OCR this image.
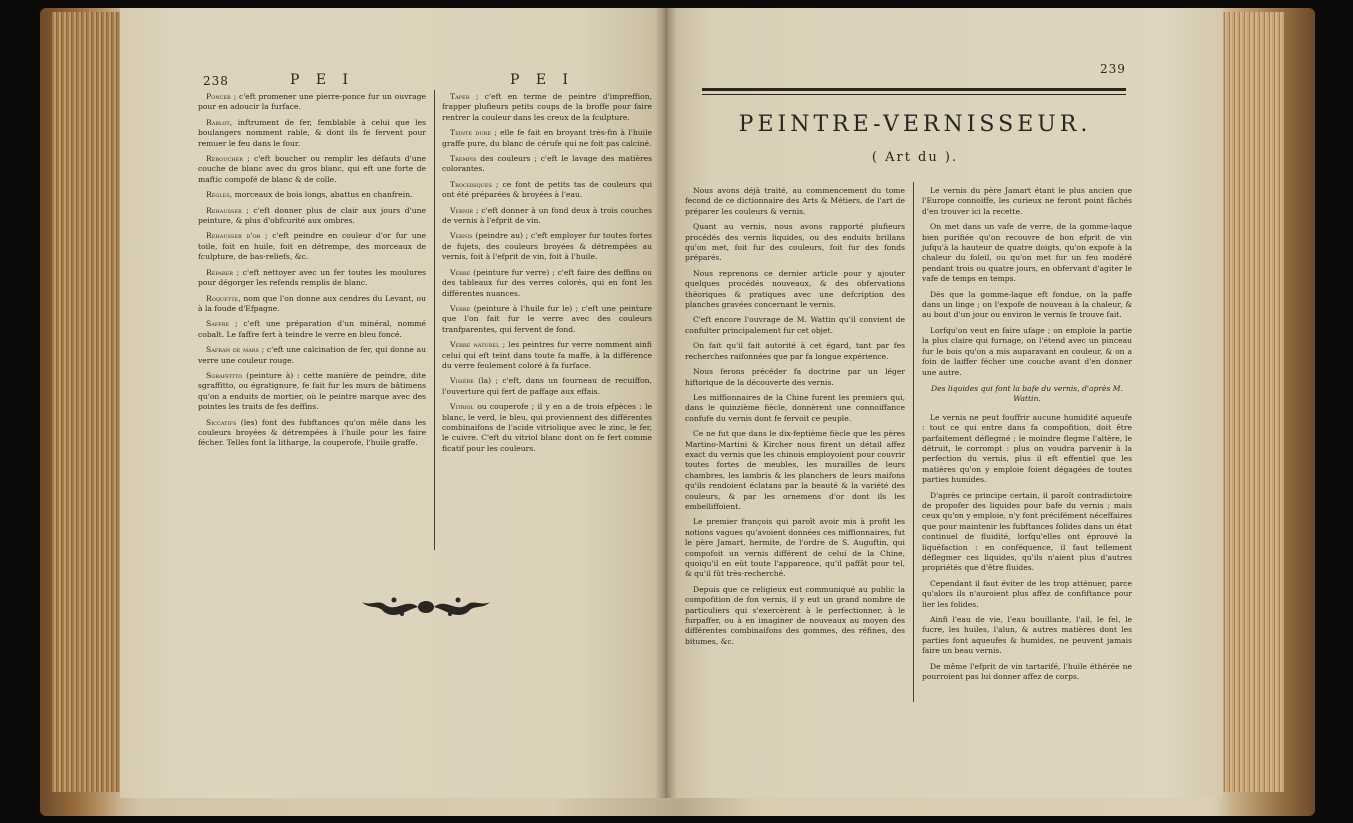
238	P E I	P E I

Poncer ; c'eft promener une pierre-ponce fur un ouvrage pour en adoucir la furface.

Rablot, inftrument de fer, femblable à celui que les boulangers nomment rable, & dont ils fe fervent pour remuer le feu dans le four.

Reboucher ; c'eft boucher ou remplir les défauts d'une couche de blanc avec du gros blanc, qui eft une forte de maftic compofé de blanc & de colle.

Règles, morceaux de bois longs, abattus en chanfrein.

Rehausser ; c'eft donner plus de clair aux jours d'une peinture, & plus d'obfcurité aux ombres.

Rehausser d'or ; c'eft peindre en couleur d'or fur une toile, foit en huile, foit en détrempe, des morceaux de fculpture, de bas-reliefs, &c.

Réparer ; c'eft nettoyer avec un fer toutes les moulures pour dégorger les refends remplis de blanc.

Roquette, nom que l'on donne aux cendres du Levant, ou à la foude d'Efpagne.

Saffre ; c'eft une préparation d'un minéral, nommé cobalt. Le faffre fert à teindre le verre en bleu foncé.

Safran de mars ; c'eft une calcination de fer, qui donne au verre une couleur rouge.

Sgraffitto (peinture à) : cette manière de peindre, dite sgraffitto, ou égratignure, fe fait fur les murs de bâtimens qu'on a enduits de mortier, où le peintre marque avec des pointes les traits de fes deffins.

Siccatifs (les) font des fubftances qu'on mêle dans les couleurs broyées & détrempées à l'huile pour les faire fécher. Telles font la litharge, la couperofe, l'huile graffe.

Taper ; c'eft en terme de peintre d'impreffion, frapper plufieurs petits coups de la broffe pour faire rentrer la couleur dans les creux de la fculpture.

Teinte dure ; elle fe fait en broyant très-fin à l'huile graffe pure, du blanc de cérufe qui ne foit pas calciné.

Trempis des couleurs ; c'eft le lavage des matières colorantes.

Trochisques ; ce font de petits tas de couleurs qui ont été préparées & broyées à l'eau.

Vernir ; c'eft donner à un fond deux à trois couches de vernis à l'efprit de vin.

Vernis (peindre au) ; c'eft employer fur toutes fortes de fujets, des couleurs broyées & détrempées au vernis, foit à l'efprit de vin, foit à l'huile.

Verre (peinture fur verre) ; c'eft faire des deffins ou des tableaux fur des verres colorés, qui en font les différentes nuances.

Verre (peinture à l'huile fur le) ; c'eft une peinture que l'on fait fur le verre avec des couleurs tranfparentes, qui fervent de fond.

Verre naturel ; les peintres fur verre nomment ainfi celui qui eft teint dans toute fa maffe, à la différence du verre feulement coloré à fa furface.

Visière (la) ; c'eft, dans un fourneau de recuiffon, l'ouverture qui fert de paffage aux effais.

Vitriol ou couperofe ; il y en a de trois efpèces : le blanc, le verd, le bleu, qui proviennent des différentes combinaifons de l'acide vitriolique avec le zinc, le fer, le cuivre. C'eft du vitriol blanc dont on fe fert comme ficatif pour les couleurs.

239
PEINTRE-VERNISSEUR.
( Art du ).

Nous avons déjà traité, au commencement du tome fecond de ce dictionnaire des Arts & Métiers, de l'art de préparer les couleurs & vernis.

Quant au vernis, nous avons rapporté plufieurs procédés des vernis liquides, ou des enduits brillans qu'on met, foit fur des couleurs, foit fur des fonds préparés.

Nous reprenons ce dernier article pour y ajouter quelques procédés nouveaux, & des obfervations théoriques & pratiques avec une defcription des planches gravées concernant le vernis.

C'eft encore l'ouvrage de M. Wattin qu'il convient de confulter principalement fur cet objet.

On fait qu'il fait autorité à cet égard, tant par fes recherches raifonnées que par fa longue expérience.

Nous ferons précéder fa doctrine par un léger hiftorique de la découverte des vernis.

Les miffionnaires de la Chine furent les premiers qui, dans le quinzième fiècle, donnèrent une connoiffance confufe du vernis dont fe fervoit ce peuple.

Ce ne fut que dans le dix-feptième fiècle que les pères Martino-Martini & Kircher nous firent un détail affez exact du vernis que les chinois employoient pour couvrir toutes fortes de meubles, les murailles de leurs chambres, les lambris & les planchers de leurs maifons qu'ils rendoient éclatans par la beauté & la variété des couleurs, & par les ornemens d'or dont ils les embelliffoient.

Le premier françois qui paroît avoir mis à profit les notions vagues qu'avoient données ces miffionnaires, fut le père Jamart, hermite, de l'ordre de S. Auguftin, qui compofoit un vernis différent de celui de la Chine, quoiqu'il en eût toute l'apparence, qu'il paffât pour tel, & qu'il fût très-recherché.

Depuis que ce religieux eut communiqué au public la compofition de fon vernis, il y eut un grand nombre de particuliers qui s'exercèrent à le perfectionner, à le furpaffer, ou à en imaginer de nouveaux au moyen des différentes combinaifons des gommes, des réfines, des bitumes, &c.

Le vernis du père Jamart étant le plus ancien que l'Europe connoiffe, les curieux ne feront point fâchés d'en trouver ici la recette.

On met dans un vafe de verre, de la gomme-laque bien purifiée qu'on recouvre de bon efprit de vin jufqu'à la hauteur de quatre doigts, qu'on expofe à la chaleur du foleil, ou qu'on met fur un feu modéré pendant trois ou quatre jours, en obfervant d'agiter le vafe de temps en temps.

Dès que la gomme-laque eft fondue, on la paffe dans un linge ; on l'expofe de nouveau à la chaleur, & au bout d'un jour ou environ le vernis fe trouve fait.

Lorfqu'on veut en faire ufage ; on emploie la partie la plus claire qui furnage, on l'étend avec un pinceau fur le bois qu'on a mis auparavant en couleur, & on a foin de laiffer fécher une couche avant d'en donner une autre.

Des liquides qui font la bafe du vernis, d'après M. Wattin.

Le vernis ne peut fouffrir aucune humidité aqueufe : tout ce qui entre dans fa compofition, doit être parfaitement déflegmé ; le moindre flegme l'altère, le détruit, le corrompt : plus on voudra parvenir à la perfection du vernis, plus il eft effentiel que les matières qu'on y emploie foient dégagées de toutes parties humides.

D'après ce principe certain, il paroît contradictoire de propofer des liquides pour bafe du vernis ; mais ceux qu'on y emploie, n'y font précifément néceffaires que pour maintenir les fubftances folides dans un état continuel de fluidité, lorfqu'elles ont éprouvé la liquéfaction : en conféquence, il faut tellement déflegmer ces liquides, qu'ils n'aient plus d'autres propriétés que d'être fluides.

Cependant il faut éviter de les trop atténuer, parce qu'alors ils n'auroient plus affez de confiftance pour lier les folides.

Ainfi l'eau de vie, l'eau bouillante, l'ail, le fel, le fucre, les huiles, l'alun, & autres matières dont les parties font aqueufes & humides, ne peuvent jamais faire un beau vernis.

De même l'efprit de vin tartarifé, l'huile éthérée ne pourroient pas lui donner affez de corps.
